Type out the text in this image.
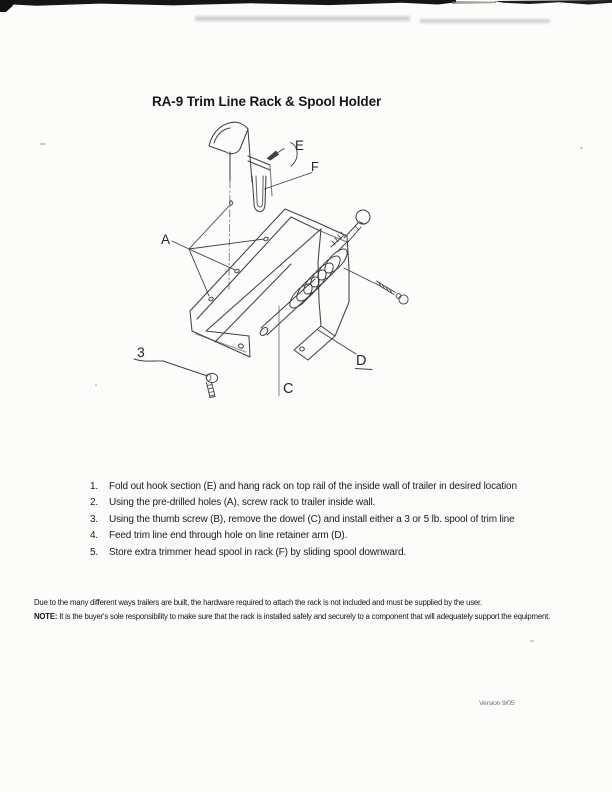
RA-9 Trim Line Rack & Spool Holder
A
3
C
D
E
F
1.	Fold out hook section (E) and hang rack on top rail of the inside wall of trailer in desired location
2.	Using the pre-drilled holes (A), screw rack to trailer inside wall.
3.	Using the thumb screw (B), remove the dowel (C) and install either a 3 or 5 lb. spool of trim line
4.	Feed trim line end through hole on line retainer arm (D).
5.	Store extra trimmer head spool in rack (F) by sliding spool downward.
Due to the many different ways trailers are built, the hardware required to attach the rack is not included and must be supplied by the user.
NOTE: It is the buyer's sole responsibility to make sure that the rack is installed safely and securely to a component that will adequately support the equipment.
Version 9/05
